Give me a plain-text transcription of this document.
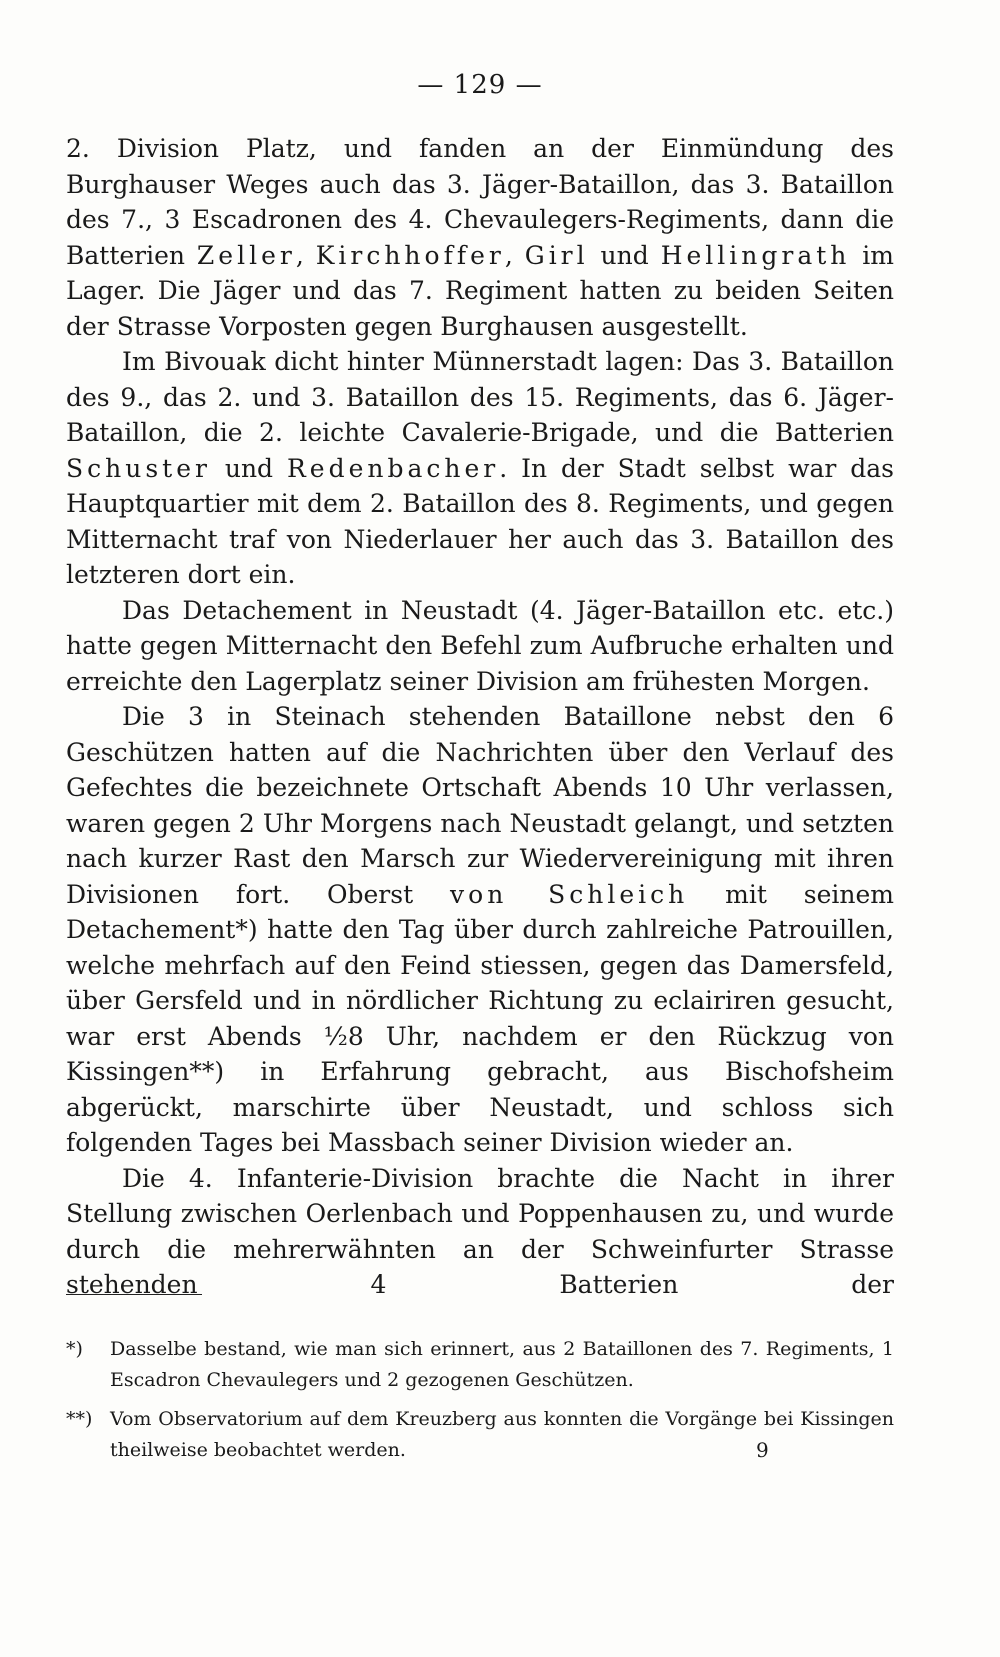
— 129 —

2. Division Platz, und fanden an der Einmündung des Burghauser Weges auch das 3. Jäger-Bataillon, das 3. Bataillon des 7., 3 Escadronen des 4. Chevaulegers-Regiments, dann die Batterien Zeller, Kirchhoffer, Girl und Hellingrath im Lager. Die Jäger und das 7. Regiment hatten zu beiden Seiten der Strasse Vorposten gegen Burghausen ausgestellt.

Im Bivouak dicht hinter Münnerstadt lagen: Das 3. Bataillon des 9., das 2. und 3. Bataillon des 15. Regiments, das 6. Jäger-Bataillon, die 2. leichte Cavalerie-Brigade, und die Batterien Schuster und Redenbacher. In der Stadt selbst war das Hauptquartier mit dem 2. Bataillon des 8. Regiments, und gegen Mitternacht traf von Niederlauer her auch das 3. Bataillon des letzteren dort ein.

Das Detachement in Neustadt (4. Jäger-Bataillon etc. etc.) hatte gegen Mitternacht den Befehl zum Aufbruche erhalten und erreichte den Lagerplatz seiner Division am frühesten Morgen.

Die 3 in Steinach stehenden Bataillone nebst den 6 Geschützen hatten auf die Nachrichten über den Verlauf des Gefechtes die bezeichnete Ortschaft Abends 10 Uhr verlassen, waren gegen 2 Uhr Morgens nach Neustadt gelangt, und setzten nach kurzer Rast den Marsch zur Wiedervereinigung mit ihren Divisionen fort. Oberst von Schleich mit seinem Detachement*) hatte den Tag über durch zahlreiche Patrouillen, welche mehrfach auf den Feind stiessen, gegen das Damersfeld, über Gersfeld und in nördlicher Richtung zu eclairiren gesucht, war erst Abends ½8 Uhr, nachdem er den Rückzug von Kissingen**) in Erfahrung gebracht, aus Bischofsheim abgerückt, marschirte über Neustadt, und schloss sich folgenden Tages bei Massbach seiner Division wieder an.

Die 4. Infanterie-Division brachte die Nacht in ihrer Stellung zwischen Oerlenbach und Poppenhausen zu, und wurde durch die mehrerwähnten an der Schweinfurter Strasse stehenden 4 Batterien der

*) Dasselbe bestand, wie man sich erinnert, aus 2 Bataillonen des 7. Regiments, 1 Escadron Chevaulegers und 2 gezogenen Geschützen.

**) Vom Observatorium auf dem Kreuzberg aus konnten die Vorgänge bei Kissingen theilweise beobachtet werden.	9
